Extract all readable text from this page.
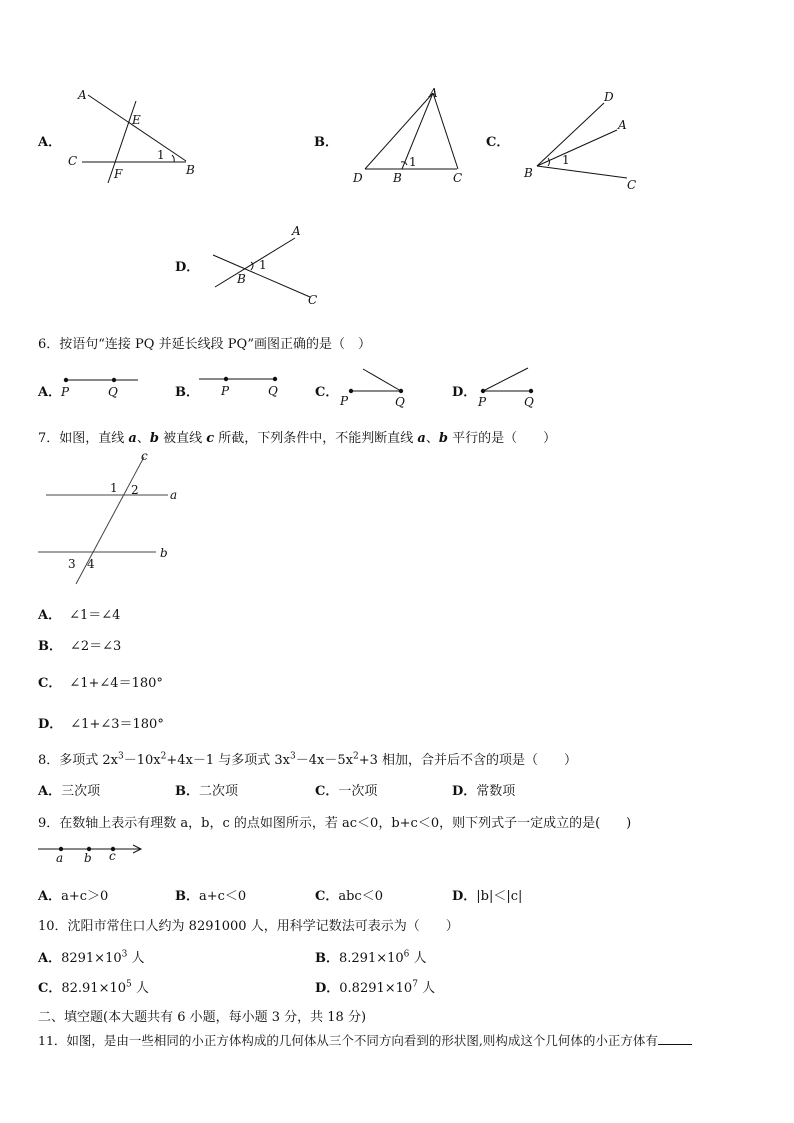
A．
A
E
C
F	B
1
B．
A
D	B	C
1
C．
D
A
B
C
1
D．
A
B
C
1
6．按语句“连接 PQ 并延长线段 PQ”画图正确的是（　）
A． P	Q	B． P	Q	C．
P	Q
D．
P	Q
7．如图，直线 a、b 被直线 c 所截，下列条件中，不能判断直线 a、b 平行的是（　　）
c
a
b
1 2
3 4
A． ∠1＝∠4
B． ∠2＝∠3
C． ∠1+∠4＝180°
D． ∠1+∠3＝180°
8．多项式 $2x^3-10x^2+4x-1$ 与多项式 $3x^3-4x-5x^2+3$ 相加，合并后不含的项是（　　）
A．三次项	B．二次项	C．一次项	D．常数项
9．在数轴上表示有理数 a，b，c 的点如图所示，若 ac＜0，b+c＜0，则下列式子一定成立的是(　　)
a b c
A．a+c＞0	B．a+c＜0	C．abc＜0	D．|b|＜|c|
10．沈阳市常住口人约为 8291000 人，用科学记数法可表示为（　　）
A．$8291\times 10^3$ 人	B．$8.291\times 10^6$ 人
C．$82.91\times 10^5$ 人	D．$0.8291\times 10^7$ 人
二、填空题(本大题共有 6 小题，每小题 3 分，共 18 分)
11．如图，是由一些相同的小正方体构成的几何体从三个不同方向看到的形状图,则构成这个几何体的小正方体有
